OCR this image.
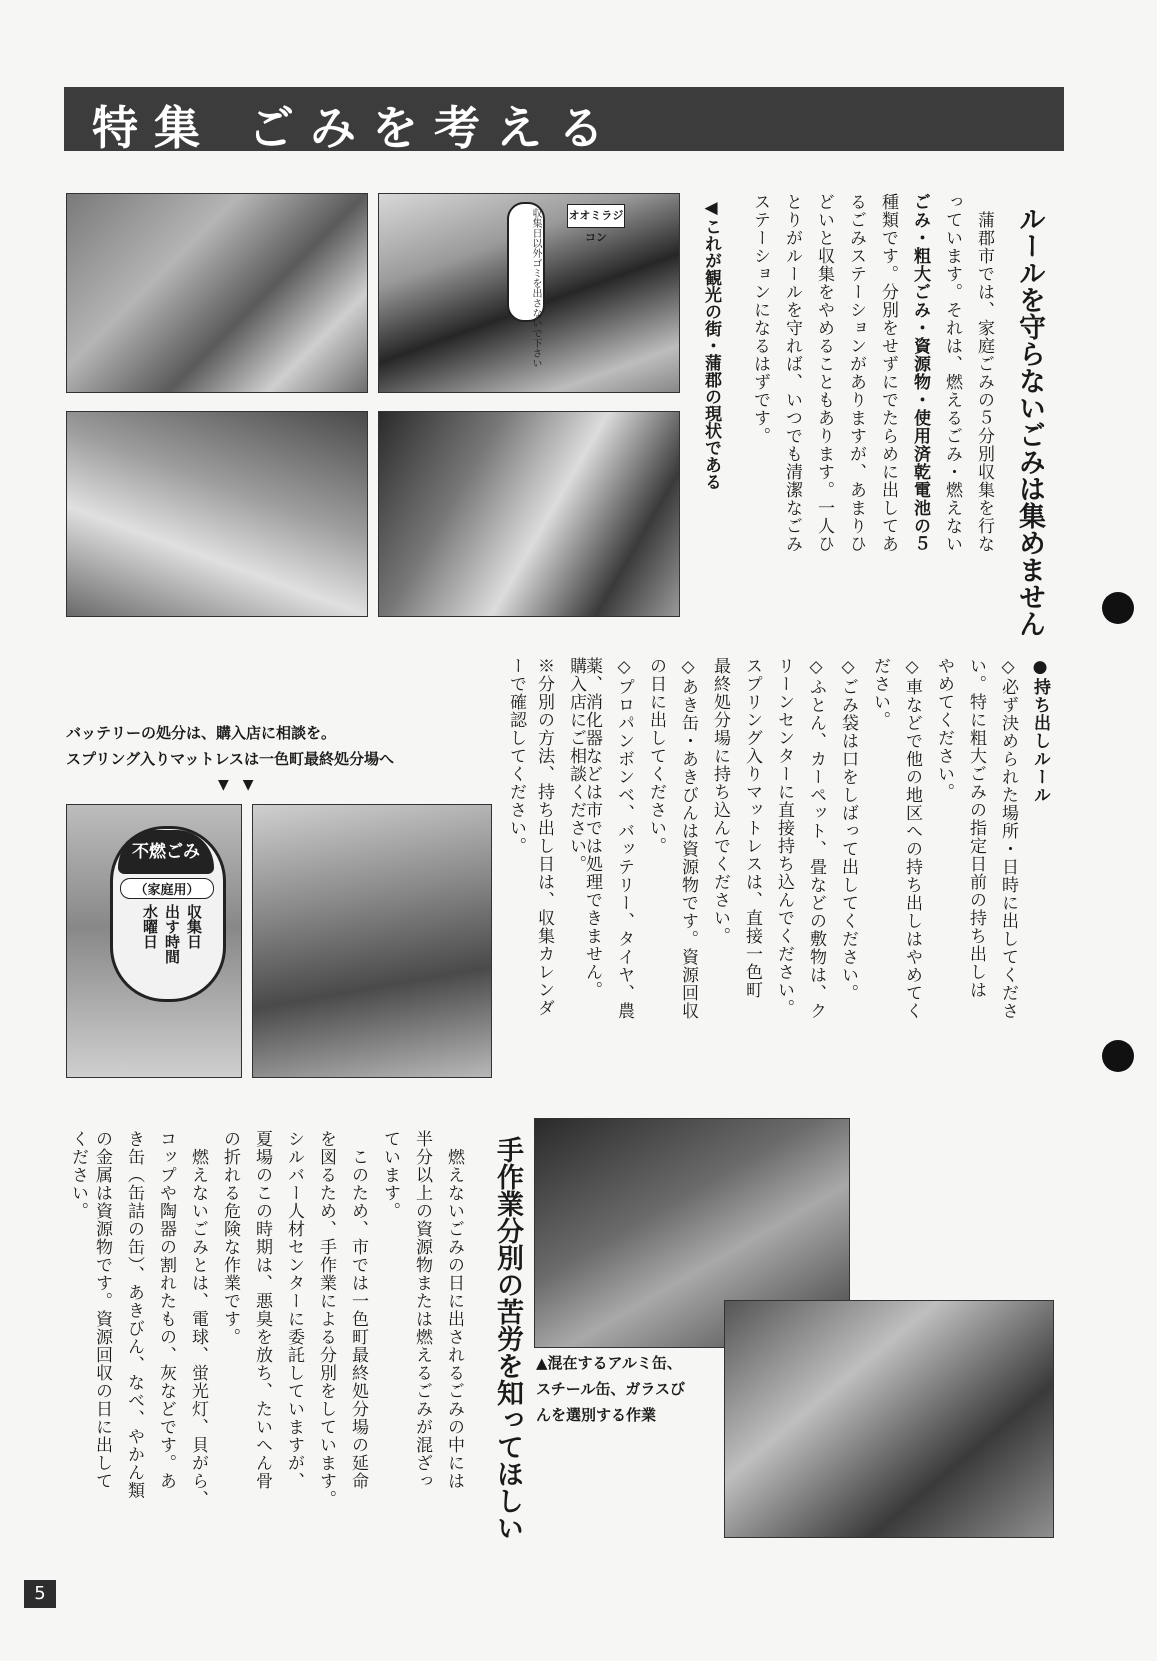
特集 ごみを考える
オオミラジコン
収集日以外ゴミを出さないで下さい	ルールを守らないごみは集めません
　蒲郡市では、家庭ごみの５分別収集を行な
っています。それは、燃えるごみ・燃えない
ごみ・粗大ごみ・資源物・使用済乾電池の５
種類です。分別をせずにでたらめに出してあ
るごみステーションがありますが、あまりひ
どいと収集をやめることもあります。一人ひ
とりがルールを守れば、いつでも清潔なごみ
ステーションになるはずです。
◀これが観光の街・蒲郡の現状である
●持ち出しルール
◇必ず決められた場所・日時に出してくださ
い。特に粗大ごみの指定日前の持ち出しは
やめてください。
◇車などで他の地区への持ち出しはやめてく
ださい。
◇ごみ袋は口をしばって出してください。
◇ふとん、カーペット、畳などの敷物は、ク
リーンセンターに直接持ち込んでください。
スプリング入りマットレスは、直接一色町
最終処分場に持ち込んでください。
◇あき缶・あきびんは資源物です。資源回収
の日に出してください。
◇プロパンボンベ、バッテリー、タイヤ、農
薬、消化器などは市では処理できません。
購入店にご相談ください。
※分別の方法、持ち出し日は、収集カレンダ
ーで確認してください。
バッテリーの処分は、購入店に相談を。
スプリング入りマットレスは一色町最終処分場へ
▼　▼
不燃ごみ
（家庭用）
収集日
出す時間
水曜日
手作業分別の苦労を知ってほしい
　燃えないごみの日に出されるごみの中には
半分以上の資源物または燃えるごみが混ざっ
ています。
　このため、市では一色町最終処分場の延命
を図るため、手作業による分別をしています。
シルバー人材センターに委託していますが、
夏場のこの時期は、悪臭を放ち、たいへん骨
の折れる危険な作業です。
　燃えないごみとは、電球、蛍光灯、貝がら、
コップや陶器の割れたもの、灰などです。あ
き缶（缶詰の缶）、あきびん、なべ、やかん類
の金属は資源物です。資源回収の日に出して
ください。
▲混在するアルミ缶、
スチール缶、ガラスび
んを選別する作業
5
